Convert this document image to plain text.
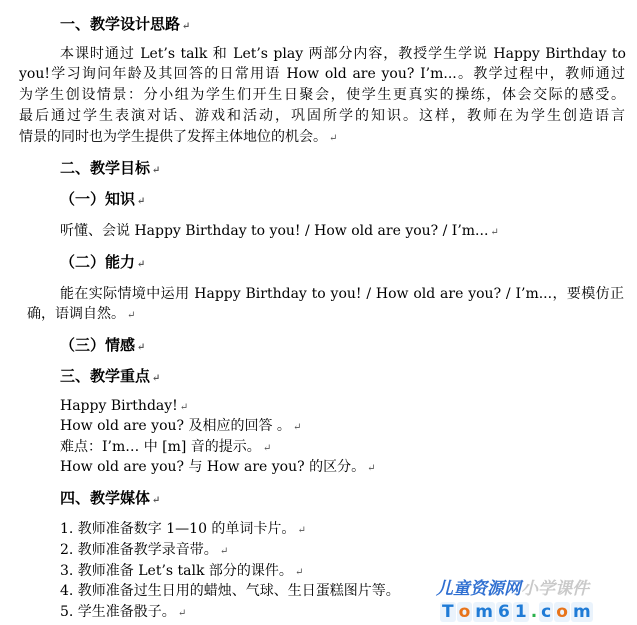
一、教学设计思路 ↵
本课时通过 Let’s talk 和 Let’s play 两部分内容，教授学生学说 Happy Birthday to
you!学习询问年龄及其回答的日常用语 How old are you? I’m...。教学过程中，教师通过
为学生创设情景：分小组为学生们开生日聚会，使学生更真实的操练，体会交际的感受。
最后通过学生表演对话、游戏和活动，巩固所学的知识。这样，教师在为学生创造语言
情景的同时也为学生提供了发挥主体地位的机会。 ↵
二、教学目标 ↵
（一）知识 ↵
听懂、会说 Happy Birthday to you! / How old are you? / I’m... ↵
（二）能力 ↵
能在实际情境中运用 Happy Birthday to you! / How old are you? / I’m...，要模仿正
确，语调自然。 ↵
（三）情感 ↵
三、教学重点 ↵
Happy Birthday! ↵
How old are you? 及相应的回答 。 ↵
难点：I’m… 中 [m] 音的提示。 ↵
How old are you? 与 How are you? 的区分。 ↵
四、教学媒体 ↵
1. 教师准备数字 1—10 的单词卡片。 ↵
2. 教师准备教学录音带。 ↵
3. 教师准备 Let’s talk 部分的课件。 ↵
4. 教师准备过生日用的蜡烛、气球、生日蛋糕图片等。
5. 学生准备骰子。 ↵
儿童资源网小学课件
T o m 6 1 . c o m
